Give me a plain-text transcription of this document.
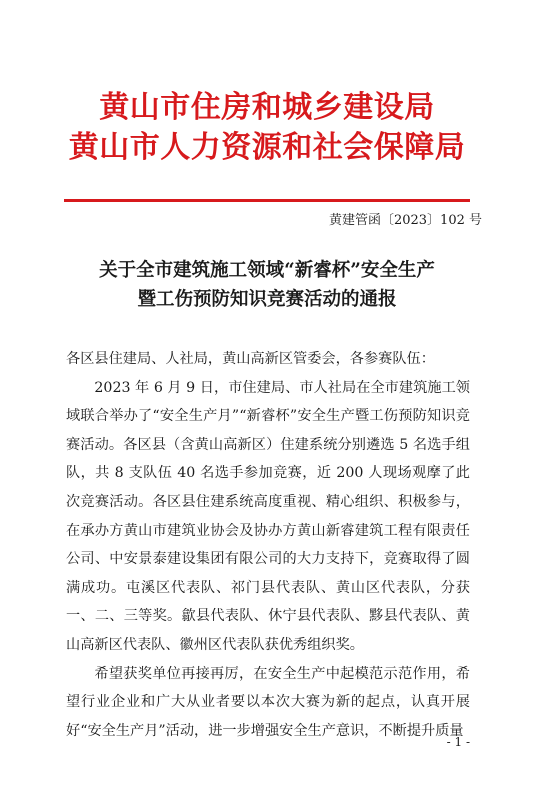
黄山市住房和城乡建设局
黄山市人力资源和社会保障局
黄建管函〔2023〕102 号
关于全市建筑施工领域“新睿杯”安全生产
暨工伤预防知识竞赛活动的通报

各区县住建局、人社局，黄山高新区管委会，各参赛队伍：

2023 年 6 月 9 日，市住建局、市人社局在全市建筑施工领域联合举办了“安全生产月”“新睿杯”安全生产暨工伤预防知识竞赛活动。各区县（含黄山高新区）住建系统分别遴选 5 名选手组队，共 8 支队伍 40 名选手参加竞赛，近 200 人现场观摩了此次竞赛活动。各区县住建系统高度重视、精心组织、积极参与，在承办方黄山市建筑业协会及协办方黄山新睿建筑工程有限责任公司、中安景泰建设集团有限公司的大力支持下，竞赛取得了圆满成功。屯溪区代表队、祁门县代表队、黄山区代表队，分获一、二、三等奖。歙县代表队、休宁县代表队、黟县代表队、黄山高新区代表队、徽州区代表队获优秀组织奖。

希望获奖单位再接再厉，在安全生产中起模范示范作用，希望行业企业和广大从业者要以本次大赛为新的起点，认真开展好“安全生产月”活动，进一步增强安全生产意识，不断提升质量

- 1 -
